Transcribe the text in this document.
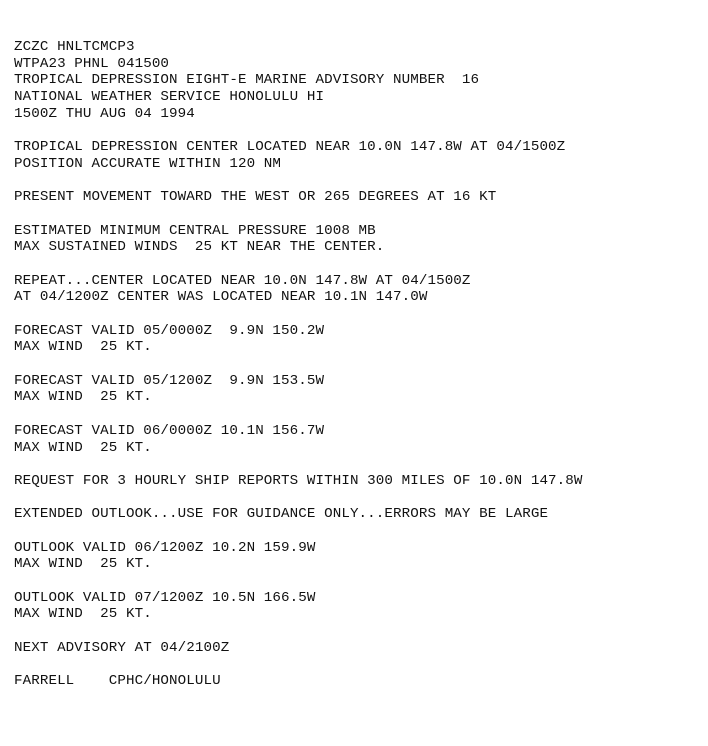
ZCZC HNLTCMCP3
WTPA23 PHNL 041500
TROPICAL DEPRESSION EIGHT-E MARINE ADVISORY NUMBER  16
NATIONAL WEATHER SERVICE HONOLULU HI
1500Z THU AUG 04 1994
TROPICAL DEPRESSION CENTER LOCATED NEAR 10.0N 147.8W AT 04/1500Z
POSITION ACCURATE WITHIN 120 NM
PRESENT MOVEMENT TOWARD THE WEST OR 265 DEGREES AT 16 KT
ESTIMATED MINIMUM CENTRAL PRESSURE 1008 MB
MAX SUSTAINED WINDS  25 KT NEAR THE CENTER.
REPEAT...CENTER LOCATED NEAR 10.0N 147.8W AT 04/1500Z
AT 04/1200Z CENTER WAS LOCATED NEAR 10.1N 147.0W
FORECAST VALID 05/0000Z  9.9N 150.2W
MAX WIND  25 KT.
FORECAST VALID 05/1200Z  9.9N 153.5W
MAX WIND  25 KT.
FORECAST VALID 06/0000Z 10.1N 156.7W
MAX WIND  25 KT.
REQUEST FOR 3 HOURLY SHIP REPORTS WITHIN 300 MILES OF 10.0N 147.8W
EXTENDED OUTLOOK...USE FOR GUIDANCE ONLY...ERRORS MAY BE LARGE
OUTLOOK VALID 06/1200Z 10.2N 159.9W
MAX WIND  25 KT.
OUTLOOK VALID 07/1200Z 10.5N 166.5W
MAX WIND  25 KT.
NEXT ADVISORY AT 04/2100Z
FARRELL    CPHC/HONOLULU
